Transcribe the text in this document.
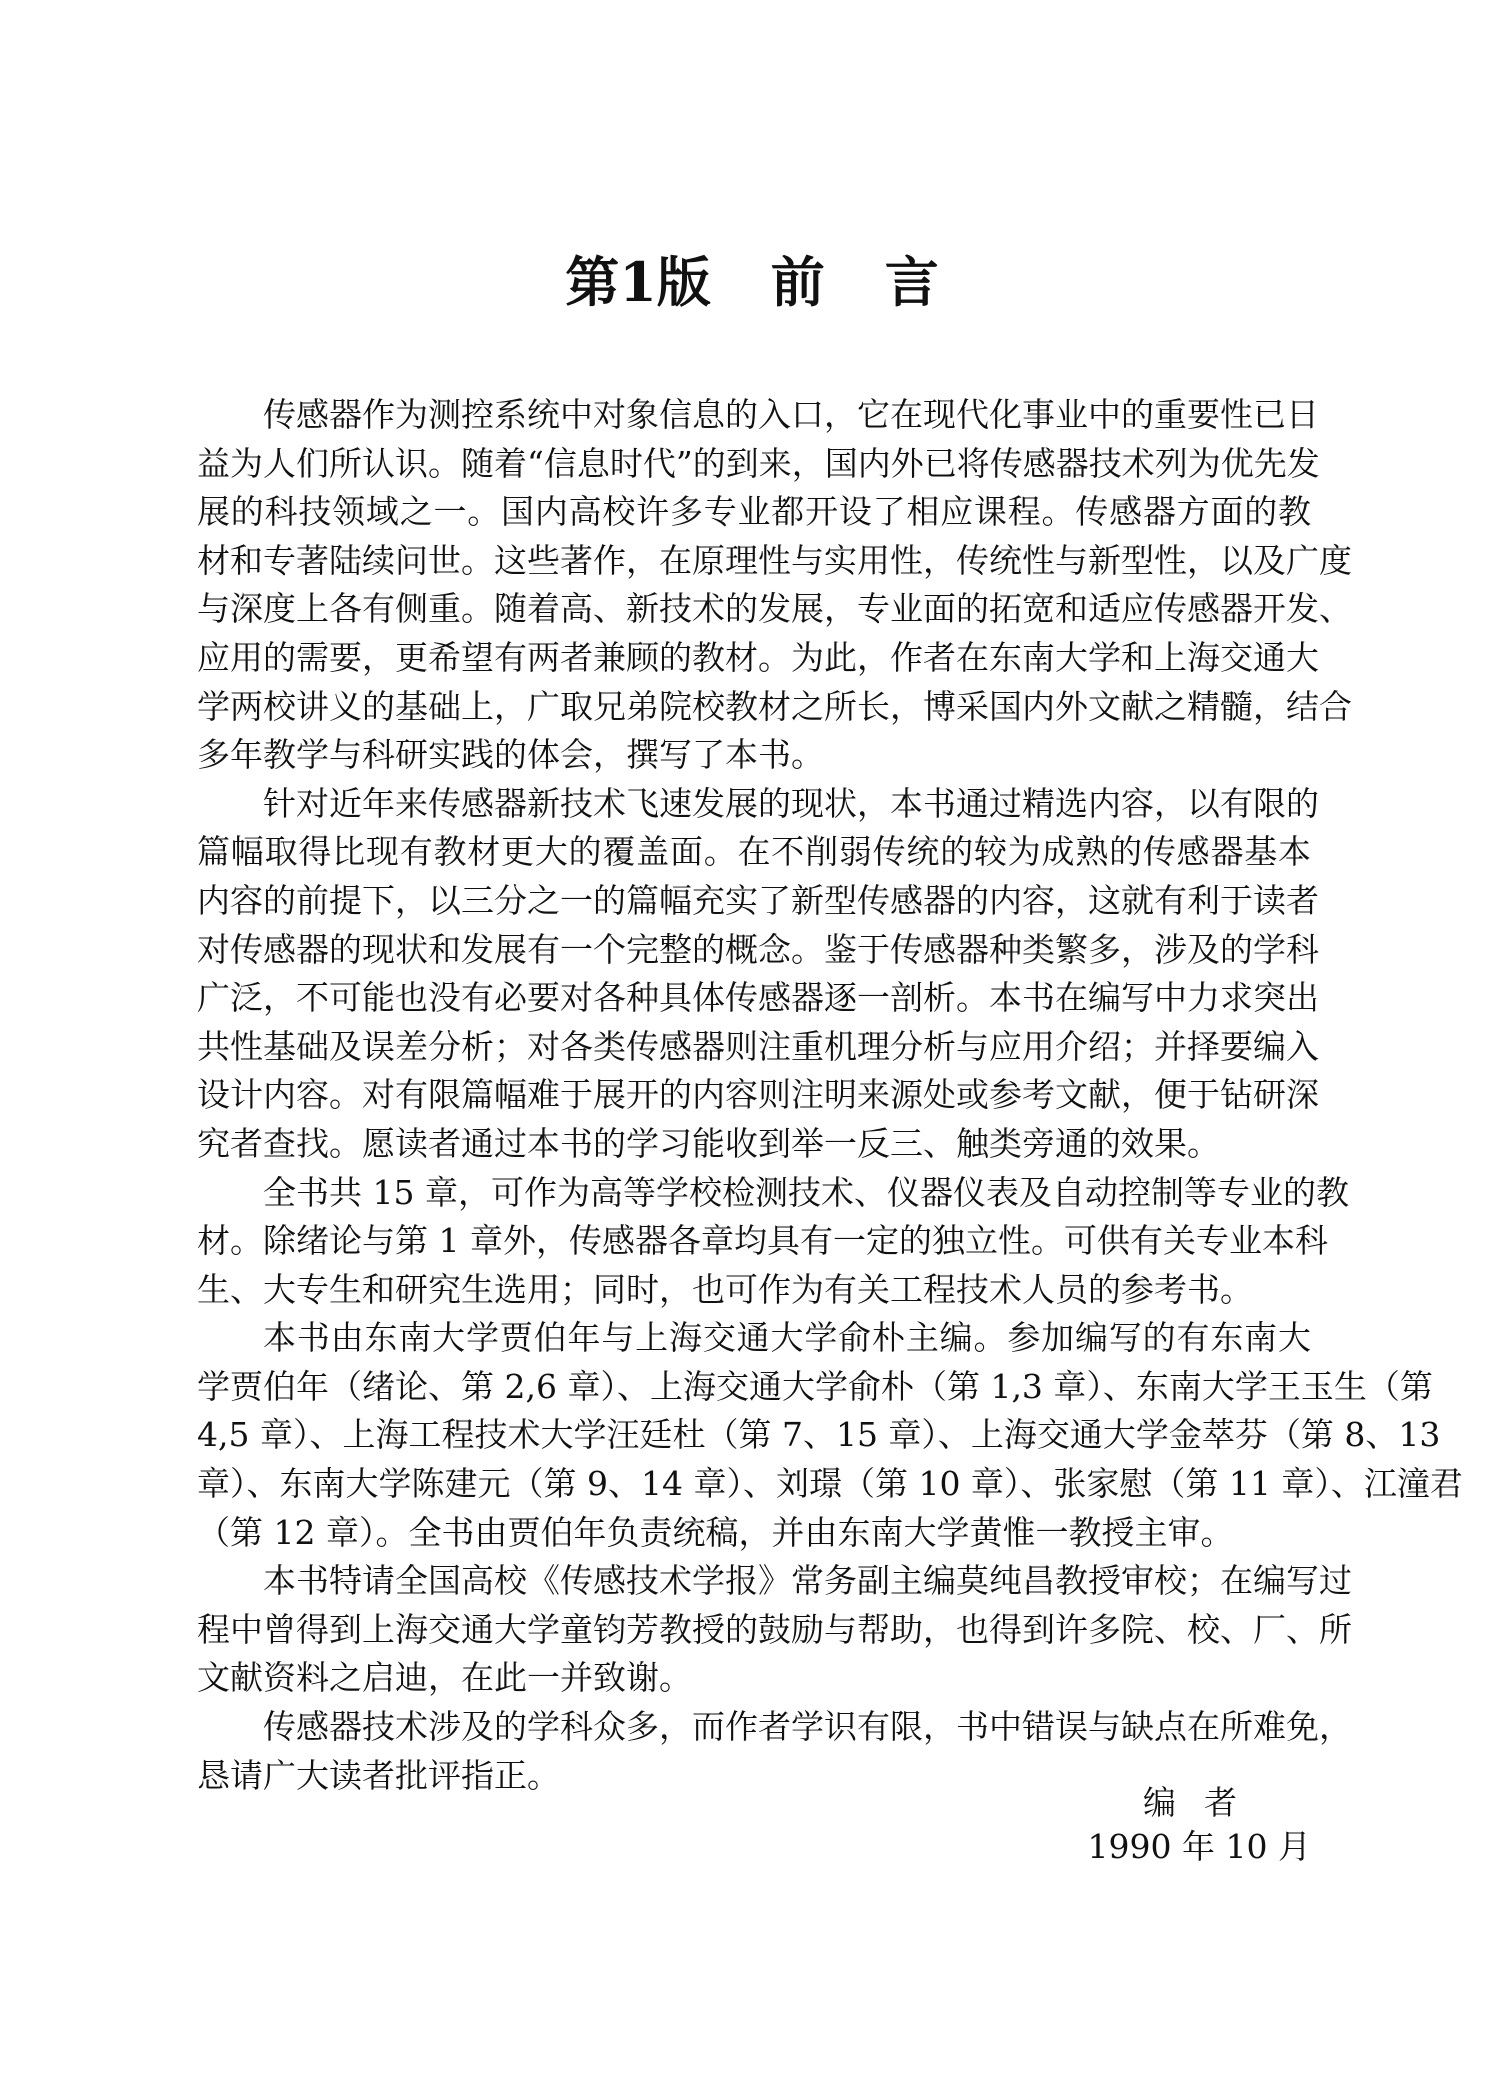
第1版 前 言
传感器作为测控系统中对象信息的入口，它在现代化事业中的重要性已日
益为人们所认识。随着“信息时代”的到来，国内外已将传感器技术列为优先发
展的科技领域之一。国内高校许多专业都开设了相应课程。传感器方面的教
材和专著陆续问世。这些著作，在原理性与实用性，传统性与新型性，以及广度
与深度上各有侧重。随着高、新技术的发展，专业面的拓宽和适应传感器开发、
应用的需要，更希望有两者兼顾的教材。为此，作者在东南大学和上海交通大
学两校讲义的基础上，广取兄弟院校教材之所长，博采国内外文献之精髓，结合
多年教学与科研实践的体会，撰写了本书。
针对近年来传感器新技术飞速发展的现状，本书通过精选内容，以有限的
篇幅取得比现有教材更大的覆盖面。在不削弱传统的较为成熟的传感器基本
内容的前提下，以三分之一的篇幅充实了新型传感器的内容，这就有利于读者
对传感器的现状和发展有一个完整的概念。鉴于传感器种类繁多，涉及的学科
广泛，不可能也没有必要对各种具体传感器逐一剖析。本书在编写中力求突出
共性基础及误差分析；对各类传感器则注重机理分析与应用介绍；并择要编入
设计内容。对有限篇幅难于展开的内容则注明来源处或参考文献，便于钻研深
究者查找。愿读者通过本书的学习能收到举一反三、触类旁通的效果。
全书共 15 章，可作为高等学校检测技术、仪器仪表及自动控制等专业的教
材。除绪论与第 1 章外，传感器各章均具有一定的独立性。可供有关专业本科
生、大专生和研究生选用；同时，也可作为有关工程技术人员的参考书。
本书由东南大学贾伯年与上海交通大学俞朴主编。参加编写的有东南大
学贾伯年（绪论、第 2,6 章）、上海交通大学俞朴（第 1,3 章）、东南大学王玉生（第
4,5 章）、上海工程技术大学汪廷杜（第 7、15 章）、上海交通大学金萃芬（第 8、13
章）、东南大学陈建元（第 9、14 章）、刘璟（第 10 章）、张家慰（第 11 章）、江潼君
（第 12 章）。全书由贾伯年负责统稿，并由东南大学黄惟一教授主审。
本书特请全国高校《传感技术学报》常务副主编莫纯昌教授审校；在编写过
程中曾得到上海交通大学童钧芳教授的鼓励与帮助，也得到许多院、校、厂、所
文献资料之启迪，在此一并致谢。
传感器技术涉及的学科众多，而作者学识有限，书中错误与缺点在所难免，
恳请广大读者批评指正。
编者
1990 年 10 月
